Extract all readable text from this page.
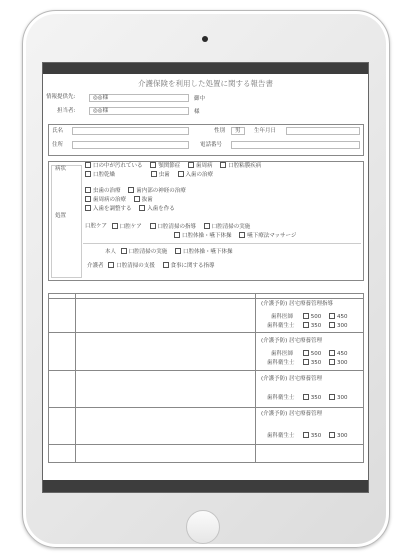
介護保険を利用した処置に関する報告書
情報提供先:	◎◎様	御中
担当者:	◎◎様	様
氏名	性別 男 生年月日
住所	電話番号
病状
口の中が汚れている	顎関節症	歯周病	口腔粘膜疾病
口腔乾燥	虫歯	入歯の治療
処置
虫歯の治療	歯内部の神経の治療
歯周病の治療	抜歯
入歯を調整する	入歯を作る
口腔ケア 口腔ケア	口腔清掃の指導	口腔清掃の実施
口腔体操・嚥下体操	嚥下療法マッサージ
本人 口腔清掃の実施	口腔体操・嚥下体操
介護者 口腔清掃の支援	食事に関する指導
(介護予防) 居宅療養管理指導
歯科医師	500	450
歯科衛生士	350	300
(介護予防) 居宅療養管理
歯科医師	500	450
歯科衛生士	350	300
(介護予防) 居宅療養管理
歯科衛生士	350	300
(介護予防) 居宅療養管理
歯科衛生士	350	300
